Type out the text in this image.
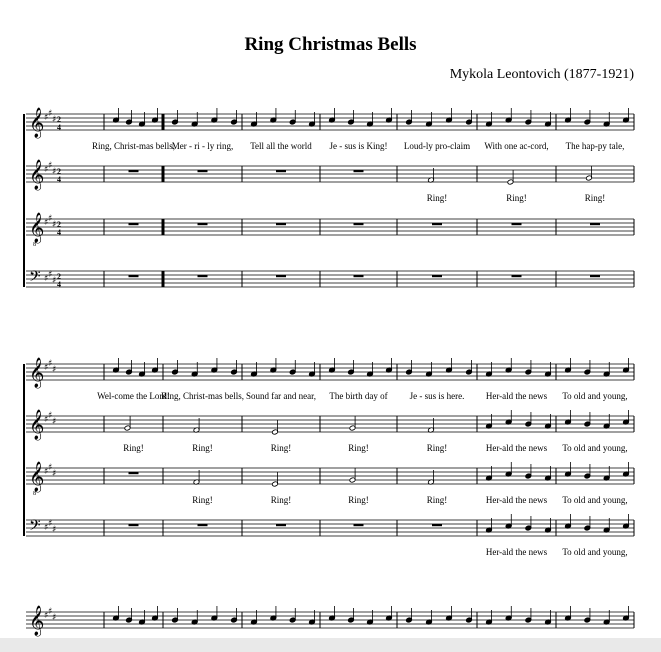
Ring Christmas Bells
Mykola Leontovich (1877-1921)
𝄞 ♯ ♯
♯ 2
4
𝄞 ♯ ♯
♯ 2
4
𝄞
8
♯ ♯
♯ 2
4
𝄢 ♯ ♯
♯ 2
4
Ring, Christ-mas bells,
Mer - ri - ly ring, Tell all the world Je - sus is King! Loud-ly pro-claim With one ac-cord, The hap-py tale,
Ring!	Ring!	Ring!
𝄞 ♯ ♯
♯
𝄞 ♯ ♯
♯
𝄞
8
♯ ♯
♯
𝄢 ♯ ♯
♯
Wel-come the Lord!
Ring, Christ-mas bells, Sound far and near, The birth day of Je - sus is here. Her-ald the news To old and young,
Ring!	Ring!	Ring!	Ring!	Ring!	Her-ald the news To old and young,
Ring!	Ring!	Ring!	Ring!	Her-ald the news To old and young,
Her-ald the news To old and young,
𝄞 ♯ ♯
♯
